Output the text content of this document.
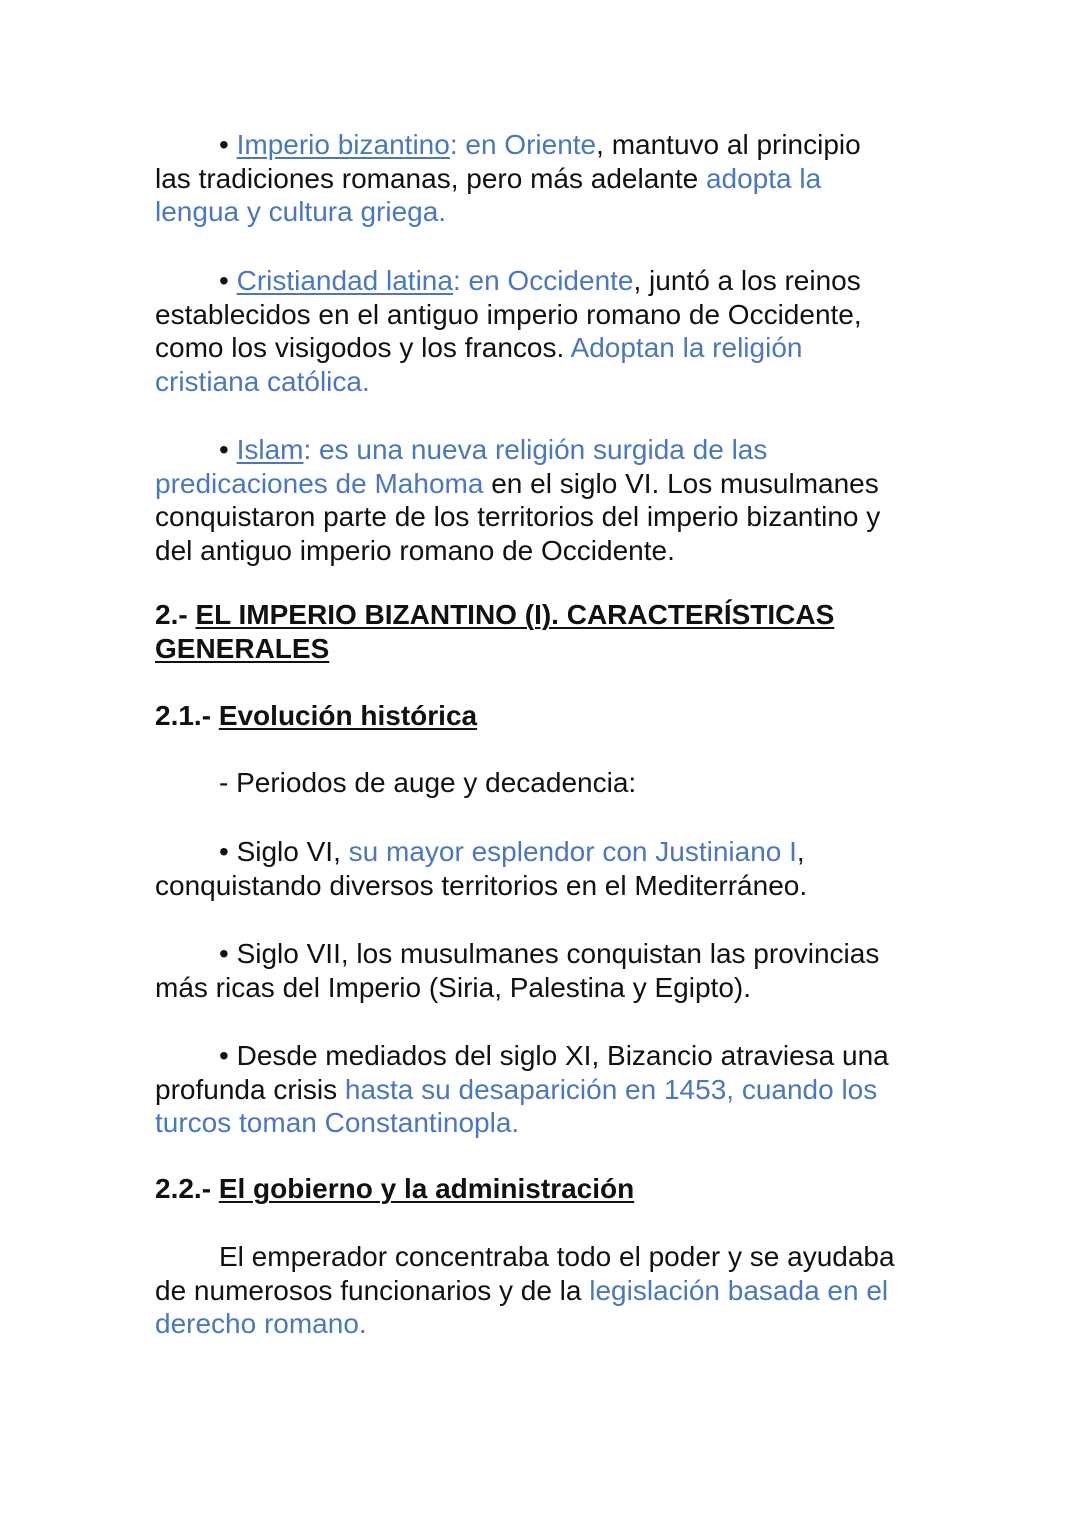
• Imperio bizantino: en Oriente, mantuvo al principio
las tradiciones romanas, pero más adelante adopta la
lengua y cultura griega.

• Cristiandad latina: en Occidente, juntó a los reinos
establecidos en el antiguo imperio romano de Occidente,
como los visigodos y los francos. Adoptan la religión
cristiana católica.

• Islam: es una nueva religión surgida de las
predicaciones de Mahoma en el siglo VI. Los musulmanes
conquistaron parte de los territorios del imperio bizantino y
del antiguo imperio romano de Occidente.

2.- EL IMPERIO BIZANTINO (I). CARACTERÍSTICAS
GENERALES
2.1.- Evolución histórica

- Periodos de auge y decadencia:

• Siglo VI, su mayor esplendor con Justiniano I,
conquistando diversos territorios en el Mediterráneo.

• Siglo VII, los musulmanes conquistan las provincias
más ricas del Imperio (Siria, Palestina y Egipto).

• Desde mediados del siglo XI, Bizancio atraviesa una
profunda crisis hasta su desaparición en 1453, cuando los
turcos toman Constantinopla.

2.2.- El gobierno y la administración

El emperador concentraba todo el poder y se ayudaba
de numerosos funcionarios y de la legislación basada en el
derecho romano.
